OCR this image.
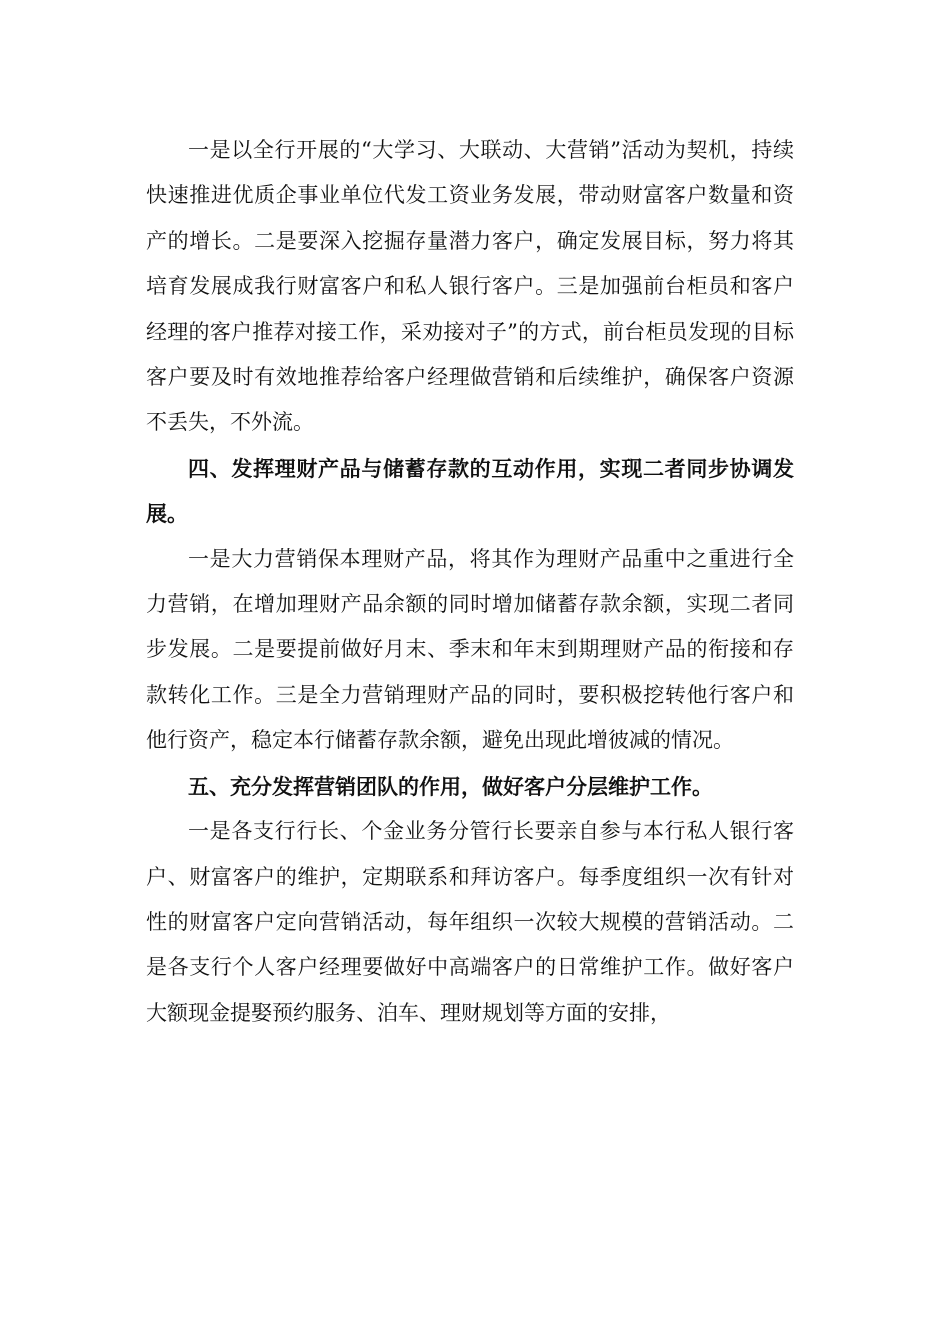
一是以全行开展的“大学习、大联动、大营销”活动为契机，持续快速推进优质企事业单位代发工资业务发展，带动财富客户数量和资产的增长。二是要深入挖掘存量潜力客户，确定发展目标，努力将其培育发展成我行财富客户和私人银行客户。三是加强前台柜员和客户经理的客户推荐对接工作，采劝接对子”的方式，前台柜员发现的目标客户要及时有效地推荐给客户经理做营销和后续维护，确保客户资源不丢失，不外流。

四、发挥理财产品与储蓄存款的互动作用，实现二者同步协调发展。

一是大力营销保本理财产品，将其作为理财产品重中之重进行全力营销，在增加理财产品余额的同时增加储蓄存款余额，实现二者同步发展。二是要提前做好月末、季末和年末到期理财产品的衔接和存款转化工作。三是全力营销理财产品的同时，要积极挖转他行客户和他行资产，稳定本行储蓄存款余额，避免出现此增彼减的情况。

五、充分发挥营销团队的作用，做好客户分层维护工作。

一是各支行行长、个金业务分管行长要亲自参与本行私人银行客户、财富客户的维护，定期联系和拜访客户。每季度组织一次有针对性的财富客户定向营销活动，每年组织一次较大规模的营销活动。二是各支行个人客户经理要做好中高端客户的日常维护工作。做好客户大额现金提娶预约服务、泊车、理财规划等方面的安排，
